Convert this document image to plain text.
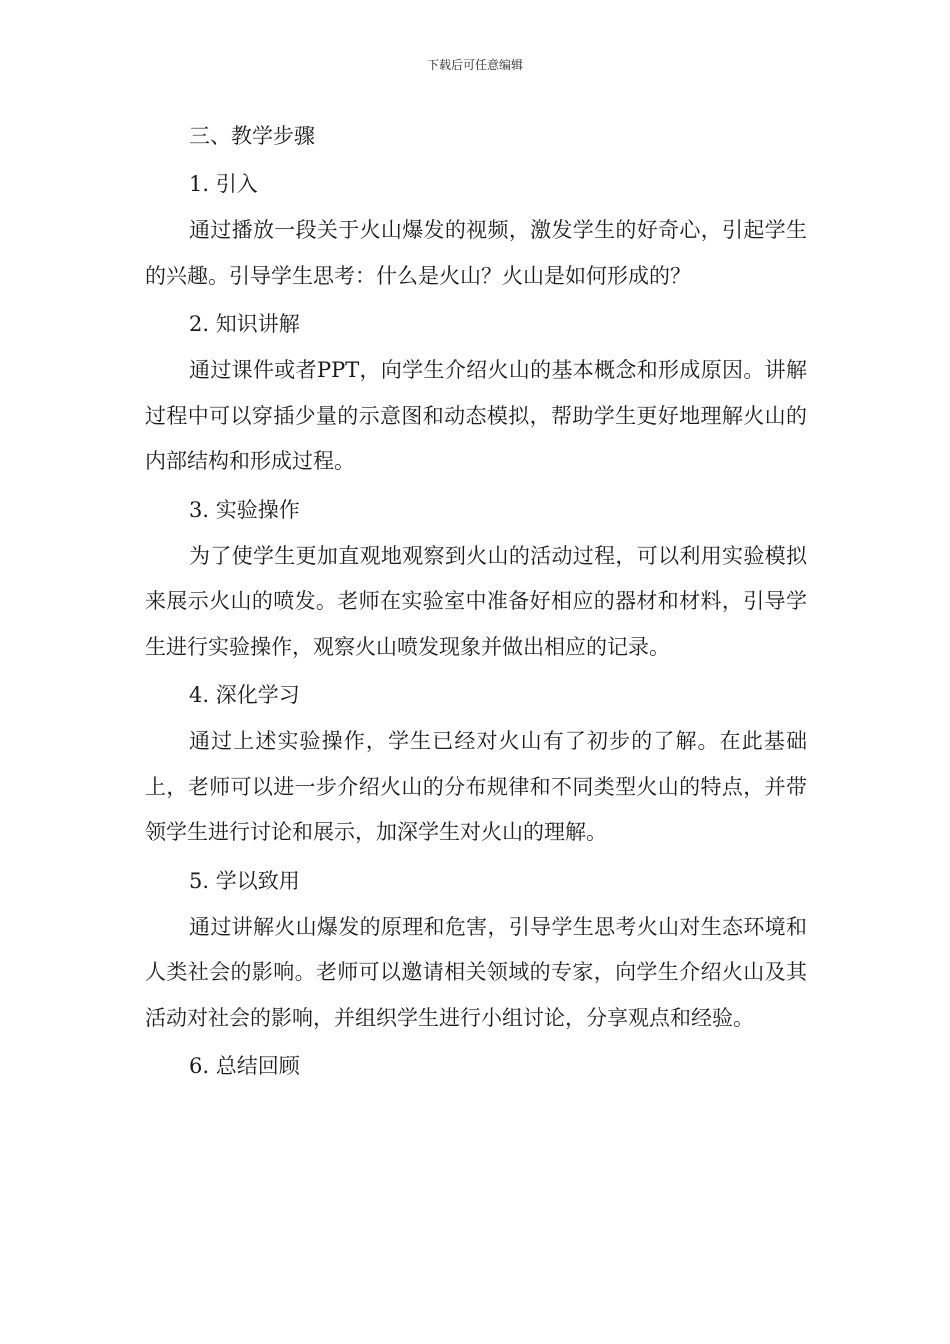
下载后可任意编辑
三、教学步骤
1. 引入

通过播放一段关于火山爆发的视频，激发学生的好奇心，引起学生的兴趣。引导学生思考：什么是火山？火山是如何形成的？

2. 知识讲解

通过课件或者PPT，向学生介绍火山的基本概念和形成原因。讲解过程中可以穿插少量的示意图和动态模拟，帮助学生更好地理解火山的内部结构和形成过程。

3. 实验操作

为了使学生更加直观地观察到火山的活动过程，可以利用实验模拟来展示火山的喷发。老师在实验室中准备好相应的器材和材料，引导学生进行实验操作，观察火山喷发现象并做出相应的记录。

4. 深化学习

通过上述实验操作，学生已经对火山有了初步的了解。在此基础上，老师可以进一步介绍火山的分布规律和不同类型火山的特点，并带领学生进行讨论和展示，加深学生对火山的理解。

5. 学以致用

通过讲解火山爆发的原理和危害，引导学生思考火山对生态环境和人类社会的影响。老师可以邀请相关领域的专家，向学生介绍火山及其活动对社会的影响，并组织学生进行小组讨论，分享观点和经验。

6. 总结回顾
